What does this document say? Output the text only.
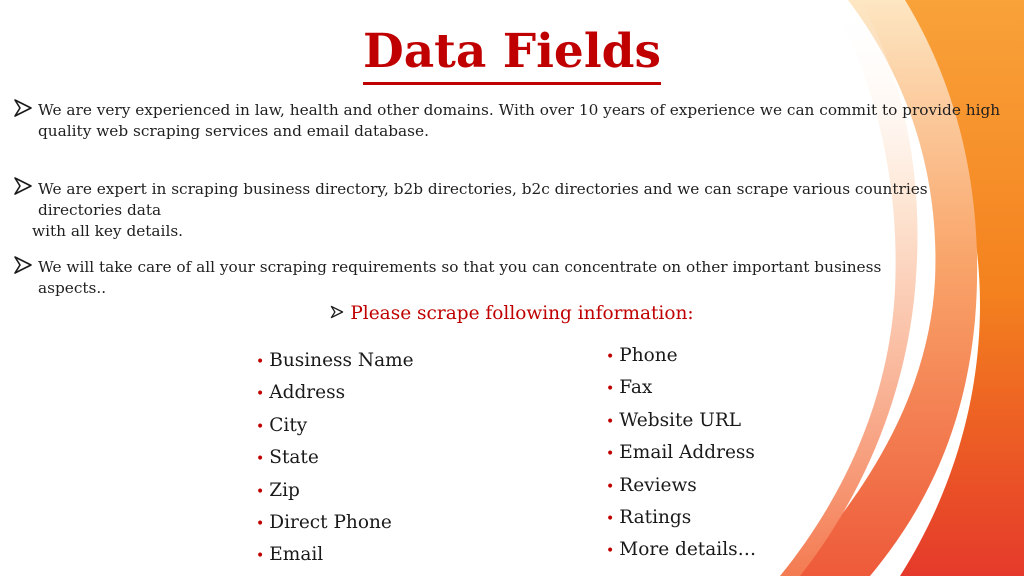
Data Fields

We are very experienced in law, health and other domains. With over 10 years of experience we can commit to provide high quality web scraping services and email database.

We are expert in scraping business directory, b2b directories, b2c directories and we can scrape various countries directories data
with all key details.

We will take care of all your scraping requirements so that you can concentrate on other important business aspects..

Please scrape following information:

• Business Name
• Address
• City
• State
• Zip
• Direct Phone
• Email
• Phone
• Fax
• Website URL
• Email Address
• Reviews
• Ratings
• More details…
